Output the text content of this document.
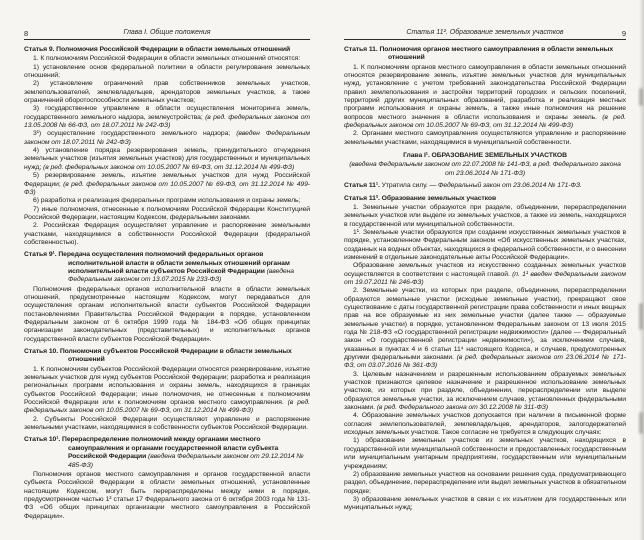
8	Глава I. Общие положения
Статья 9. Полномочия Российской Федерации в области земельных отношений
1. К полномочиям Российской Федерации в области земельных отношений относятся:
1) установление основ федеральной политики в области регулирования земельных отношений;
2) установление ограничений прав собственников земельных участков, землепользователей, землевладельцев, арендаторов земельных участков, а также ограничений оборотоспособности земельных участков;
3) государственное управление в области осуществления мониторинга земель, государственного земельного надзора, землеустройства; (в ред. федеральных законов от 13.05.2008 № 66-ФЗ, от 18.07.2011 № 242-ФЗ)
3¹) осуществление государственного земельного надзора; (введен Федеральным законом от 18.07.2011 № 242-ФЗ)
4) установление порядка резервирования земель, принудительного отчуждения земельных участков (изъятия земельных участков) для государственных и муниципальных нужд; (в ред. федеральных законов от 10.05.2007 № 69-ФЗ, от 31.12.2014 № 499-ФЗ)
5) резервирование земель, изъятие земельных участков для нужд Российской Федерации; (в ред. федеральных законов от 10.05.2007 № 69-ФЗ, от 31.12.2014 № 499-ФЗ)
6) разработка и реализация федеральных программ использования и охраны земель;
7) иные полномочия, отнесенные к полномочиям Российской Федерации Конституцией Российской Федерации, настоящим Кодексом, федеральными законами.
2. Российская Федерация осуществляет управление и распоряжение земельными участками, находящимися в собственности Российской Федерации (федеральной собственностью).
Статья 9¹. Передача осуществления полномочий федеральных органов исполнительной власти в области земельных отношений органам исполнительной власти субъектов Российской Федерации (введена Федеральным законом от 13.07.2015 № 233-ФЗ)
Полномочия федеральных органов исполнительной власти в области земельных отношений, предусмотренные настоящим Кодексом, могут передаваться для осуществления органам исполнительной власти субъектов Российской Федерации постановлениями Правительства Российской Федерации в порядке, установленном Федеральным законом от 6 октября 1999 года № 184-ФЗ «Об общих принципах организации законодательных (представительных) и исполнительных органов государственной власти субъектов Российской Федерации».
Статья 10. Полномочия субъектов Российской Федерации в области земельных отношений
1. К полномочиям субъектов Российской Федерации относятся резервирование, изъятие земельных участков для нужд субъектов Российской Федерации; разработка и реализация региональных программ использования и охраны земель, находящихся в границах субъектов Российской Федерации; иные полномочия, не отнесенные к полномочиям Российской Федерации или к полномочиям органов местного самоуправления. (в ред. федеральных законов от 10.05.2007 № 69-ФЗ, от 31.12.2014 № 499-ФЗ)
2. Субъекты Российской Федерации осуществляют управление и распоряжение земельными участками, находящимися в собственности субъектов Российской Федерации.
Статья 10¹. Перераспределение полномочий между органами местного самоуправления и органами государственной власти субъекта Российской Федерации (введена Федеральным законом от 29.12.2014 № 485-ФЗ)
Полномочия органов местного самоуправления и органов государственной власти субъекта Российской Федерации в области земельных отношений, установленные настоящим Кодексом, могут быть перераспределены между ними в порядке, предусмотренном частью 1² статьи 17 Федерального закона от 6 октября 2003 года № 131-ФЗ «Об общих принципах организации местного самоуправления в Российской Федерации».
Статья 11². Образование земельных участков	9
Статья 11. Полномочия органов местного самоуправления в области земельных отношений
1. К полномочиям органов местного самоуправления в области земельных отношений относятся резервирование земель, изъятие земельных участков для муниципальных нужд, установление с учетом требований законодательства Российской Федерации правил землепользования и застройки территорий городских и сельских поселений, территорий других муниципальных образований, разработка и реализация местных программ использования и охраны земель, а также иные полномочия на решение вопросов местного значения в области использования и охраны земель. (в ред. федеральных законов от 10.05.2007 № 69-ФЗ, от 31.12.2014 № 499-ФЗ)
2. Органами местного самоуправления осуществляются управление и распоряжение земельными участками, находящимися в муниципальной собственности.
Глава I¹. ОБРАЗОВАНИЕ ЗЕМЕЛЬНЫХ УЧАСТКОВ
(введена Федеральным законом от 22.07.2008 № 141-ФЗ, в ред. Федерального закона от 23.06.2014 № 171-ФЗ)
Статья 11¹. Утратила силу. — Федеральный закон от 23.06.2014 № 171-ФЗ.
Статья 11². Образование земельных участков
1. Земельные участки образуются при разделе, объединении, перераспределении земельных участков или выделе из земельных участков, а также из земель, находящихся в государственной или муниципальной собственности.
1¹. Земельные участки образуются при создании искусственных земельных участков в порядке, установленном Федеральным законом «Об искусственных земельных участках, созданных на водных объектах, находящихся в федеральной собственности, и о внесении изменений в отдельные законодательные акты Российской Федерации».
Образование земельных участков из искусственно созданных земельных участков осуществляется в соответствии с настоящей главой. (п. 1¹ введен Федеральным законом от 19.07.2011 № 246-ФЗ)
2. Земельные участки, из которых при разделе, объединении, перераспределении образуются земельные участки (исходные земельные участки), прекращают свое существование с даты государственной регистрации права собственности и иных вещных прав на все образуемые из них земельные участки (далее также — образуемые земельные участки) в порядке, установленном Федеральным законом от 13 июля 2015 года № 218-ФЗ «О государственной регистрации недвижимости» (далее — Федеральный закон «О государственной регистрации недвижимости»), за исключением случаев, указанных в пунктах 4 и 6 статьи 11⁴ настоящего Кодекса, и случаев, предусмотренных другими федеральными законами. (в ред. федеральных законов от 23.06.2014 № 171-ФЗ, от 03.07.2016 № 361-ФЗ)
3. Целевым назначением и разрешенным использованием образуемых земельных участков признаются целевое назначение и разрешенное использование земельных участков, из которых при разделе, объединении, перераспределении или выделе образуются земельные участки, за исключением случаев, установленных федеральными законами. (в ред. Федерального закона от 30.12.2008 № 311-ФЗ)
4. Образование земельных участков допускается при наличии в письменной форме согласия землепользователей, землевладельцев, арендаторов, залогодержателей исходных земельных участков. Такое согласие не требуется в следующих случаях:
1) образование земельных участков из земельных участков, находящихся в государственной или муниципальной собственности и предоставленных государственным или муниципальным унитарным предприятиям, государственным или муниципальным учреждениям;
2) образование земельных участков на основании решения суда, предусматривающего раздел, объединение, перераспределение или выдел земельных участков в обязательном порядке;
3) образование земельных участков в связи с их изъятием для государственных или муниципальных нужд;
